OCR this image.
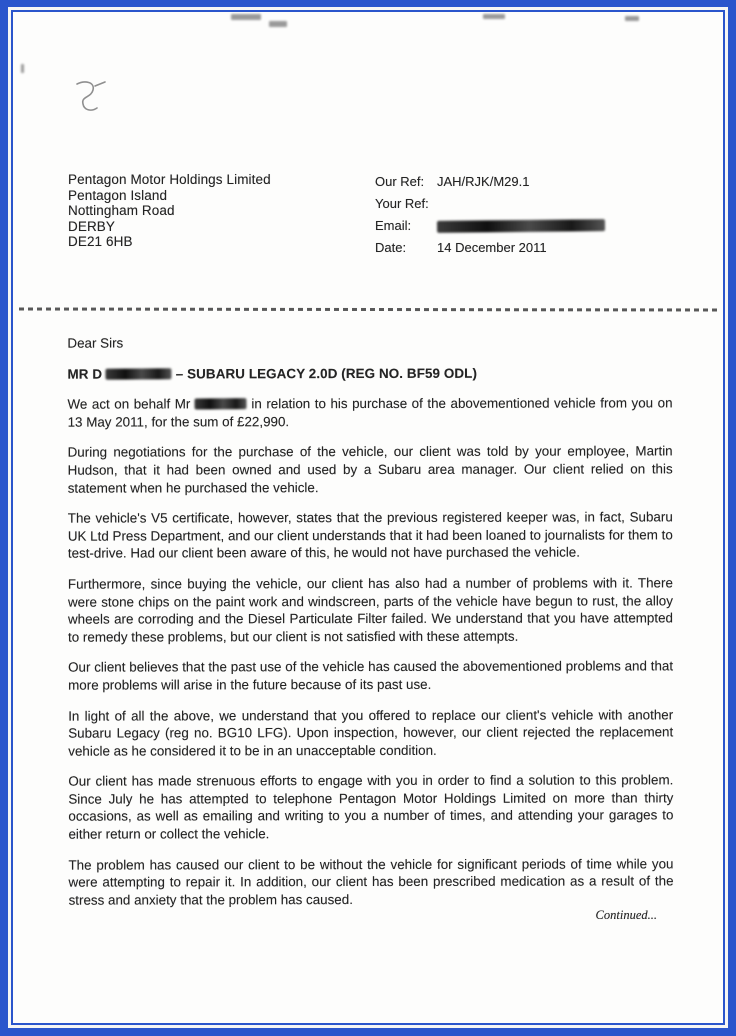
Pentagon Motor Holdings Limited
Pentagon Island
Nottingham Road
DERBY
DE21 6HB
Our Ref: JAH/RJK/M29.1
Your Ref:
Email:
Date:	14 December 2011

Dear Sirs

MR D	– SUBARU LEGACY 2.0D (REG NO. BF59 ODL)

We act on behalf Mr	in relation to his purchase of the abovementioned vehicle from you on 13 May 2011, for the sum of £22,990.

During negotiations for the purchase of the vehicle, our client was told by your employee, Martin Hudson, that it had been owned and used by a Subaru area manager. Our client relied on this statement when he purchased the vehicle.

The vehicle's V5 certificate, however, states that the previous registered keeper was, in fact, Subaru UK Ltd Press Department, and our client understands that it had been loaned to journalists for them to test-drive. Had our client been aware of this, he would not have purchased the vehicle.

Furthermore, since buying the vehicle, our client has also had a number of problems with it. There were stone chips on the paint work and windscreen, parts of the vehicle have begun to rust, the alloy wheels are corroding and the Diesel Particulate Filter failed. We understand that you have attempted to remedy these problems, but our client is not satisfied with these attempts.

Our client believes that the past use of the vehicle has caused the abovementioned problems and that more problems will arise in the future because of its past use.

In light of all the above, we understand that you offered to replace our client's vehicle with another Subaru Legacy (reg no. BG10 LFG). Upon inspection, however, our client rejected the replacement vehicle as he considered it to be in an unacceptable condition.

Our client has made strenuous efforts to engage with you in order to find a solution to this problem. Since July he has attempted to telephone Pentagon Motor Holdings Limited on more than thirty occasions, as well as emailing and writing to you a number of times, and attending your garages to either return or collect the vehicle.

The problem has caused our client to be without the vehicle for significant periods of time while you were attempting to repair it. In addition, our client has been prescribed medication as a result of the stress and anxiety that the problem has caused.

Continued...
